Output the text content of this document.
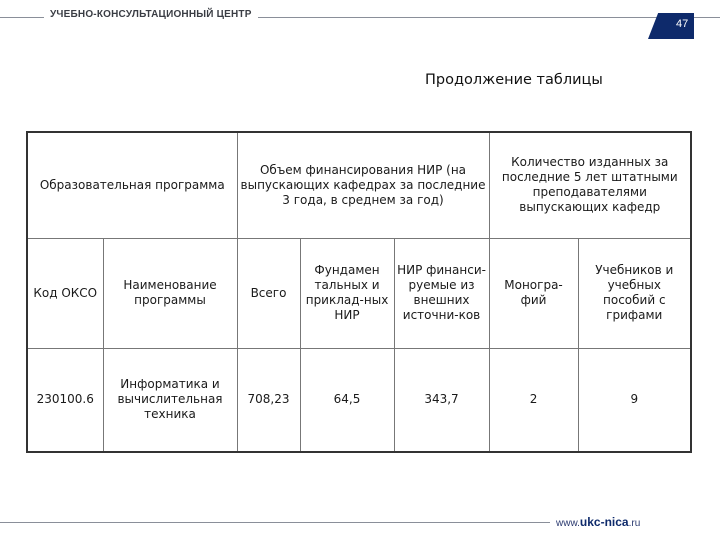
УЧЕБНО-КОНСУЛЬТАЦИОННЫЙ ЦЕНТР
47
Продолжение таблицы
Образовательная программа		Объем финансирования НИР (на выпускающих кафедрах за последние 3 года, в среднем за год)			Количество изданных за последние 5 лет штатными преподавателями выпускающих кафедр	
Код ОКСО	Наименование программы	Всего	Фундамен тальных и приклад-ных НИР	НИР финанси-руемые из внешних источни-ков	Моногра-фий	Учебников и учебных пособий с грифами
230100.6	Информатика и вычислительная техника	708,23	64,5	343,7	2	9
www.ukc-nica.ru
